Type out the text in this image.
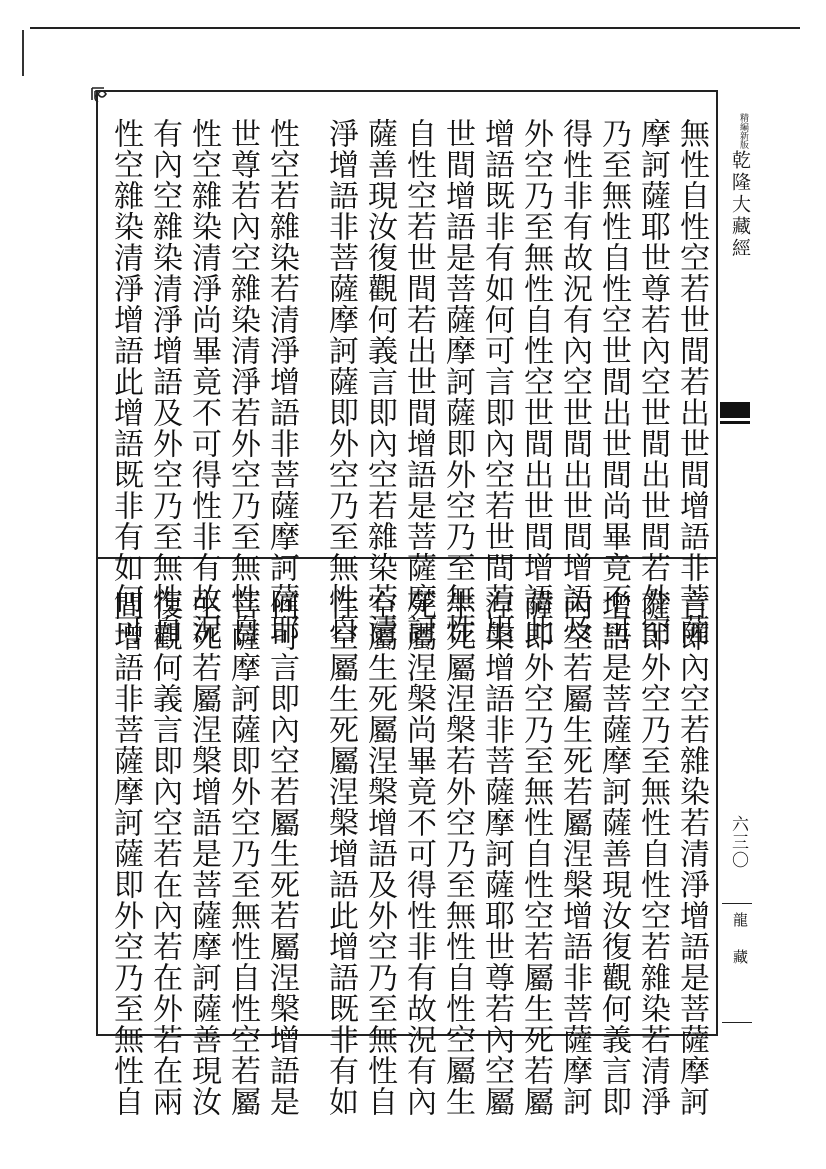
精編新版
乾隆大藏經
六三〇
龍藏
無性自性空若世間若出世間增語非菩薩
摩訶薩耶世尊若內空世間出世間若外空
乃至無性自性空世間出世間尚畢竟不可
得性非有故況有內空世間出世間增語及
外空乃至無性自性空世間出世間增語此
增語既非有如何可言即內空若世間若出
世間增語是菩薩摩訶薩即外空乃至無性
自性空若世間若出世間增語是菩薩摩訶
薩善現汝復觀何義言即內空若雜染若清
淨增語非菩薩摩訶薩即外空乃至無性自
性空若雜染若清淨增語非菩薩摩訶薩耶
世尊若內空雜染清淨若外空乃至無性自
性空雜染清淨尚畢竟不可得性非有故況
有內空雜染清淨增語及外空乃至無性自
性空雜染清淨增語此增語既非有如何可
言即內空若雜染若清淨增語是菩薩摩訶
薩即外空乃至無性自性空若雜染若清淨
增語是菩薩摩訶薩善現汝復觀何義言即
內空若屬生死若屬涅槃增語非菩薩摩訶
薩即外空乃至無性自性空若屬生死若屬
涅槃增語非菩薩摩訶薩耶世尊若內空屬
生死屬涅槃若外空乃至無性自性空屬生
死屬涅槃尚畢竟不可得性非有故況有內
空屬生死屬涅槃增語及外空乃至無性自
性空屬生死屬涅槃增語此增語既非有如
何可言即內空若屬生死若屬涅槃增語是
菩薩摩訶薩即外空乃至無性自性空若屬
生死若屬涅槃增語是菩薩摩訶薩善現汝
復觀何義言即內空若在內若在外若在兩
間增語非菩薩摩訶薩即外空乃至無性自
